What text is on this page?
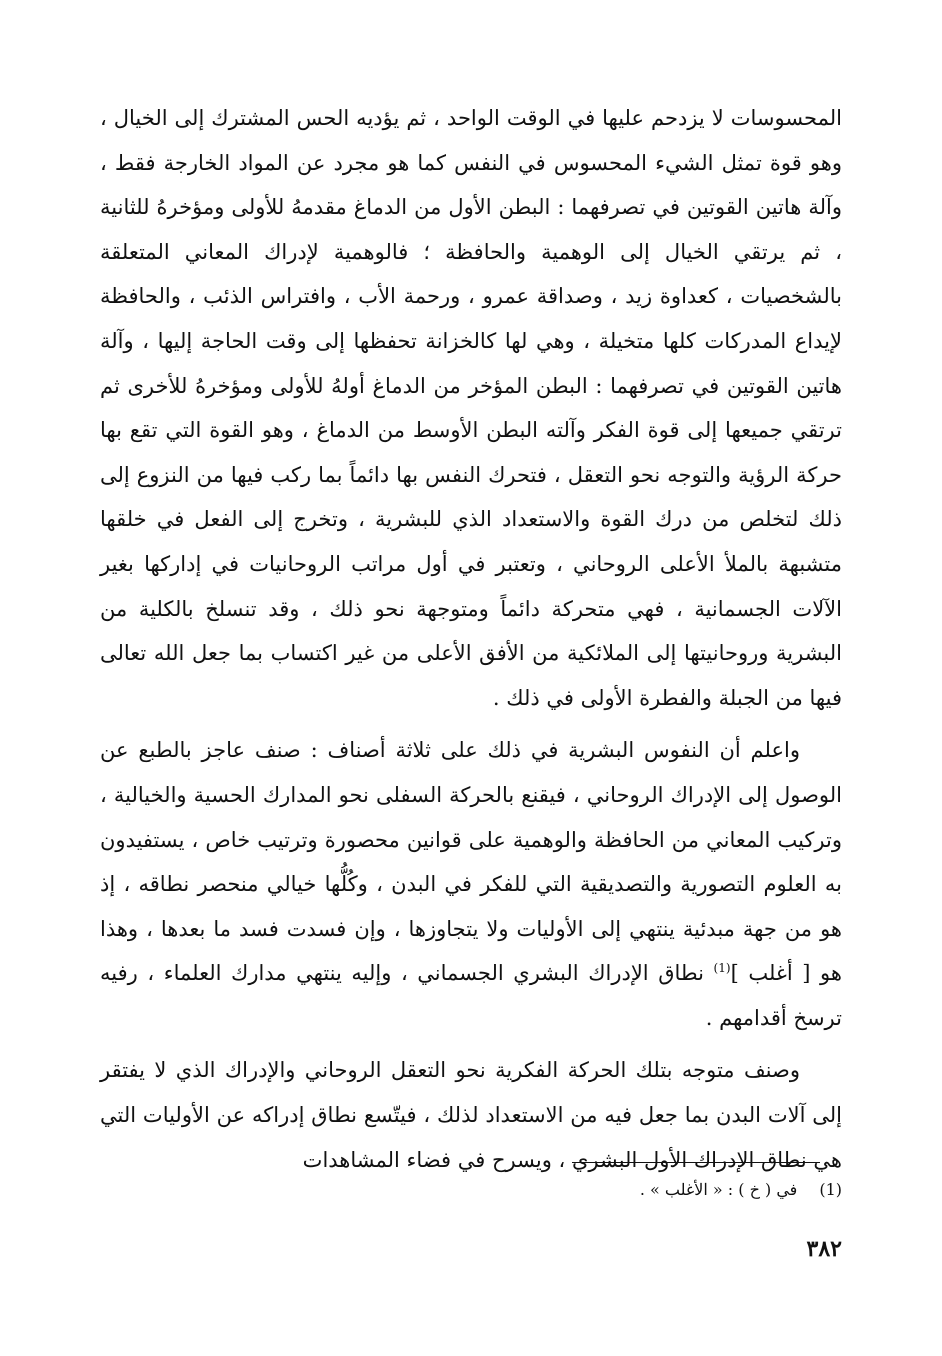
المحسوسات لا يزدحم عليها في الوقت الواحد ، ثم يؤديه الحس المشترك إلى الخيال ، وهو قوة تمثل الشيء المحسوس في النفس كما هو مجرد عن المواد الخارجة فقط ، وآلة هاتين القوتين في تصرفهما : البطن الأول من الدماغ مقدمهُ للأولى ومؤخرهُ للثانية ، ثم يرتقي الخيال إلى الوهمية والحافظة ؛ فالوهمية لإدراك المعاني المتعلقة بالشخصيات ، كعداوة زيد ، وصداقة عمرو ، ورحمة الأب ، وافتراس الذئب ، والحافظة لإيداع المدركات كلها متخيلة ، وهي لها كالخزانة تحفظها إلى وقت الحاجة إليها ، وآلة هاتين القوتين في تصرفهما : البطن المؤخر من الدماغ أولهُ للأولى ومؤخرهُ للأخرى ثم ترتقي جميعها إلى قوة الفكر وآلته البطن الأوسط من الدماغ ، وهو القوة التي تقع بها حركة الرؤية والتوجه نحو التعقل ، فتحرك النفس بها دائماً بما ركب فيها من النزوع إلى ذلك لتخلص من درك القوة والاستعداد الذي للبشرية ، وتخرج إلى الفعل في خلقها متشبهة بالملأ الأعلى الروحاني ، وتعتبر في أول مراتب الروحانيات في إداركها بغير الآلات الجسمانية ، فهي متحركة دائماً ومتوجهة نحو ذلك ، وقد تنسلخ بالكلية من البشرية وروحانيتها إلى الملائكية من الأفق الأعلى من غير اكتساب بما جعل الله تعالى فيها من الجبلة والفطرة الأولى في ذلك .

واعلم أن النفوس البشرية في ذلك على ثلاثة أصناف : صنف عاجز بالطبع عن الوصول إلى الإدراك الروحاني ، فيقنع بالحركة السفلى نحو المدارك الحسية والخيالية ، وتركيب المعاني من الحافظة والوهمية على قوانين محصورة وترتيب خاص ، يستفيدون به العلوم التصورية والتصديقية التي للفكر في البدن ، وكُلُّها خيالي منحصر نطاقه ، إذ هو من جهة مبدئية ينتهي إلى الأوليات ولا يتجاوزها ، وإن فسدت فسد ما بعدها ، وهذا هو [ أغلب ]$^{(1)}$ نطاق الإدراك البشري الجسماني ، وإليه ينتهي مدارك العلماء ، رفيه ترسخ أقدامهم .

وصنف متوجه بتلك الحركة الفكرية نحو التعقل الروحاني والإدراك الذي لا يفتقر إلى آلات البدن بما جعل فيه من الاستعداد لذلك ، فيتّسع نطاق إدراكه عن الأوليات التي هي نطاق الإدراك الأول البشري ، ويسرح في فضاء المشاهدات

(1)في ( خ ) : « الأغلب » .
٣٨٢
